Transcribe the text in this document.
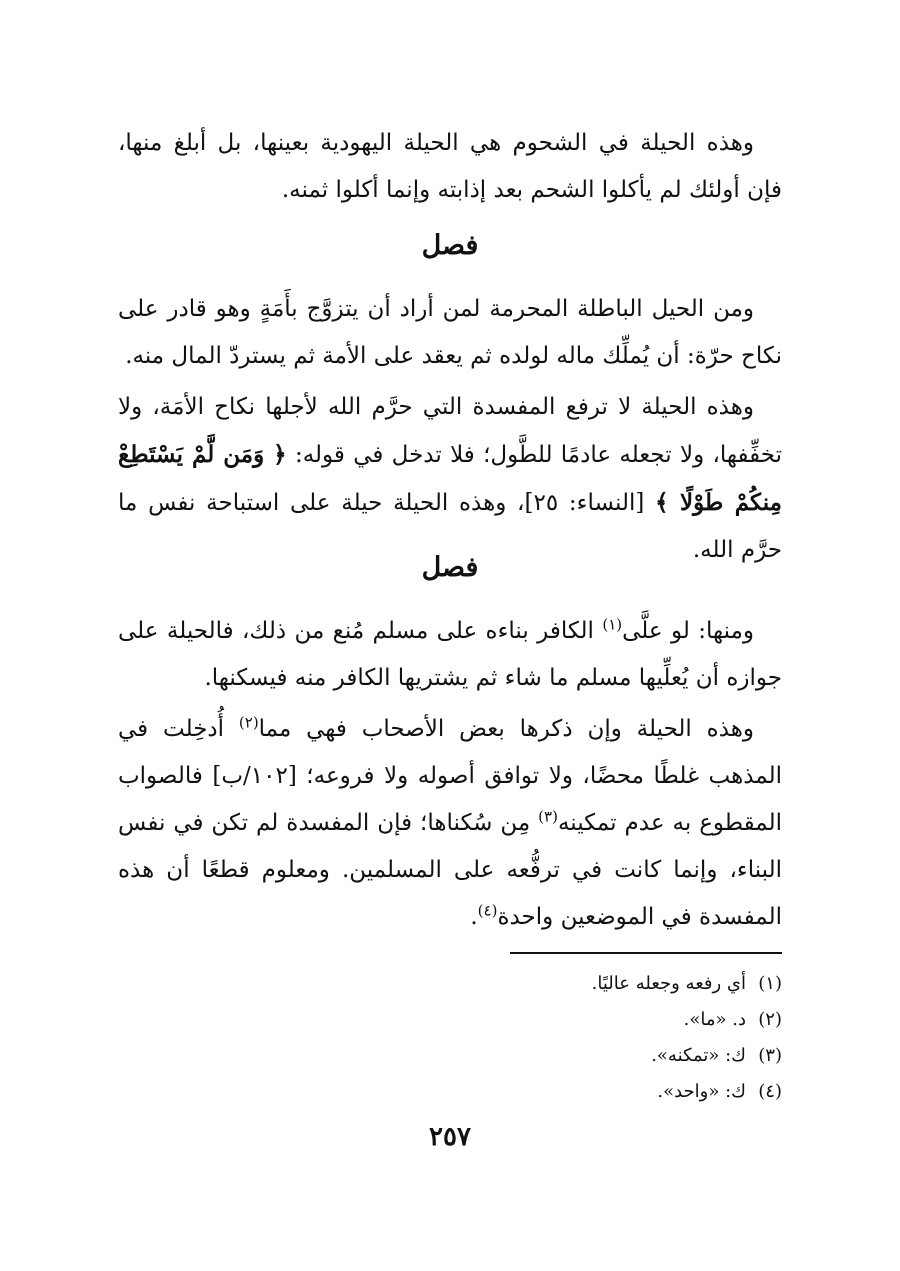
وهذه الحيلة في الشحوم هي الحيلة اليهودية بعينها، بل أبلغ منها، فإن أولئك لم يأكلوا الشحم بعد إذابته وإنما أكلوا ثمنه.

فصل

ومن الحيل الباطلة المحرمة لمن أراد أن يتزوَّج بأَمَةٍ وهو قادر على نكاح حرّة: أن يُملِّك ماله لولده ثم يعقد على الأمة ثم يستردّ المال منه.

وهذه الحيلة لا ترفع المفسدة التي حرَّم الله لأجلها نكاح الأمَة، ولا تخفِّفها، ولا تجعله عادمًا للطَّول؛ فلا تدخل في قوله: ﴿ وَمَن لَّمْ يَسْتَطِعْ مِنكُمْ طَوْلًا ﴾ [النساء: ٢٥]، وهذه الحيلة حيلة على استباحة نفس ما حرَّم الله.

فصل

ومنها: لو علَّى$^{(١)}$ الكافر بناءه على مسلم مُنع من ذلك، فالحيلة على جوازه أن يُعلِّيها مسلم ما شاء ثم يشتريها الكافر منه فيسكنها.

وهذه الحيلة وإن ذكرها بعض الأصحاب فهي مما$^{(٢)}$ أُدخِلت في المذهب غلطًا محضًا، ولا توافق أصوله ولا فروعه؛ [١٠٢/ب] فالصواب المقطوع به عدم تمكينه$^{(٣)}$ مِن سُكناها؛ فإن المفسدة لم تكن في نفس البناء، وإنما كانت في ترفُّعه على المسلمين. ومعلوم قطعًا أن هذه المفسدة في الموضعين واحدة$^{(٤)}$.

(١)أي رفعه وجعله عاليًا.

(٢)د. «ما».

(٣)ك: «تمكنه».

(٤)ك: «واحد».

٢٥٧
